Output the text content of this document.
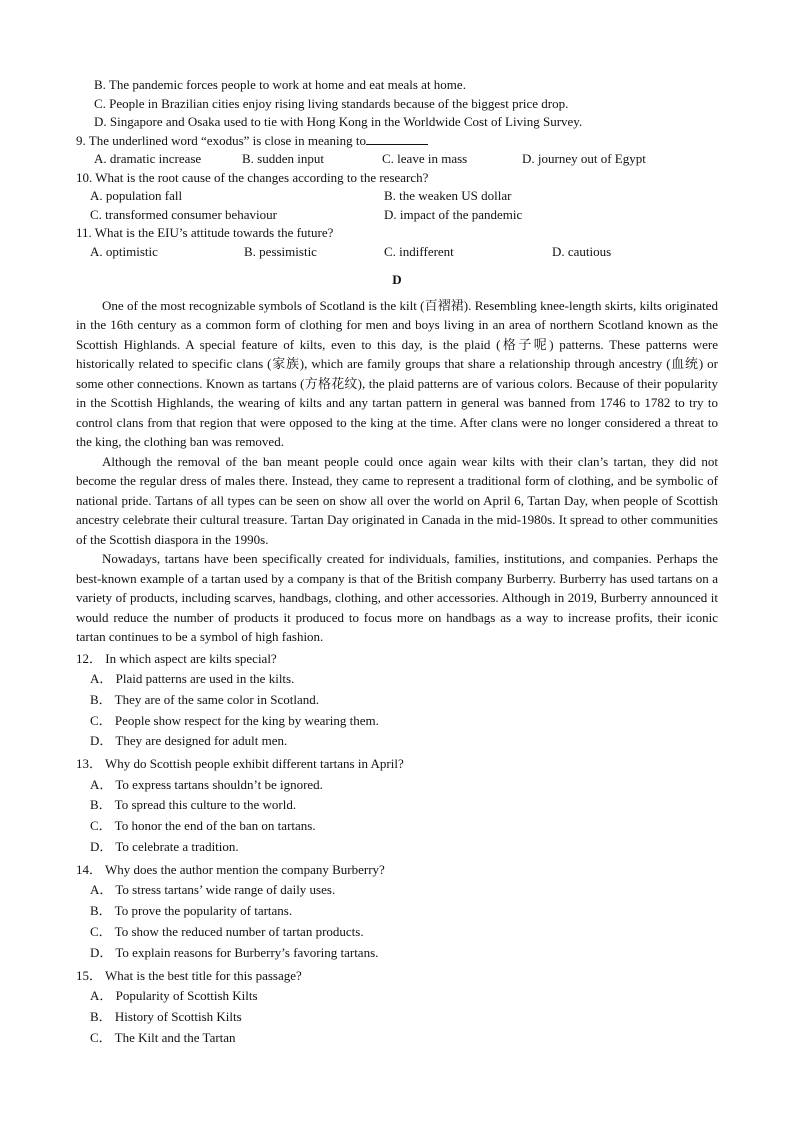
B. The pandemic forces people to work at home and eat meals at home.
C. People in Brazilian cities enjoy rising living standards because of the biggest price drop.
D. Singapore and Osaka used to tie with Hong Kong in the Worldwide Cost of Living Survey.
9. The underlined word “exodus” is close in meaning to
A. dramatic increase	B. sudden input	C. leave in mass	D. journey out of Egypt
10. What is the root cause of the changes according to the research?
A. population fall	B. the weaken US dollar
C. transformed consumer behaviour	D. impact of the pandemic
11. What is the EIU’s attitude towards the future?
A. optimistic	B. pessimistic	C. indifferent	D. cautious
D

One of the most recognizable symbols of Scotland is the kilt (百褶裙). Resembling knee-length skirts, kilts originated in the 16th century as a common form of clothing for men and boys living in an area of northern Scotland known as the Scottish Highlands. A special feature of kilts, even to this day, is the plaid (格子呢) patterns. These patterns were historically related to specific clans (家族), which are family groups that share a relationship through ancestry (血统) or some other connections. Known as tartans (方格花纹), the plaid patterns are of various colors. Because of their popularity in the Scottish Highlands, the wearing of kilts and any tartan pattern in general was banned from 1746 to 1782 to try to control clans from that region that were opposed to the king at the time. After clans were no longer considered a threat to the king, the clothing ban was removed.

Although the removal of the ban meant people could once again wear kilts with their clan’s tartan, they did not become the regular dress of males there. Instead, they came to represent a traditional form of clothing, and be symbolic of national pride. Tartans of all types can be seen on show all over the world on April 6, Tartan Day, when people of Scottish ancestry celebrate their cultural treasure. Tartan Day originated in Canada in the mid-1980s. It spread to other communities of the Scottish diaspora in the 1990s.

Nowadays, tartans have been specifically created for individuals, families, institutions, and companies. Perhaps the best-known example of a tartan used by a company is that of the British company Burberry. Burberry has used tartans on a variety of products, including scarves, handbags, clothing, and other accessories. Although in 2019, Burberry announced it would reduce the number of products it produced to focus more on handbags as a way to increase profits, their iconic tartan continues to be a symbol of high fashion.

12． In which aspect are kilts special?
A． Plaid patterns are used in the kilts.
B． They are of the same color in Scotland.
C． People show respect for the king by wearing them.
D． They are designed for adult men.
13． Why do Scottish people exhibit different tartans in April?
A． To express tartans shouldn’t be ignored.
B． To spread this culture to the world.
C． To honor the end of the ban on tartans.
D． To celebrate a tradition.
14． Why does the author mention the company Burberry?
A． To stress tartans’ wide range of daily uses.
B． To prove the popularity of tartans.
C． To show the reduced number of tartan products.
D． To explain reasons for Burberry’s favoring tartans.
15． What is the best title for this passage?
A． Popularity of Scottish Kilts
B． History of Scottish Kilts
C． The Kilt and the Tartan
